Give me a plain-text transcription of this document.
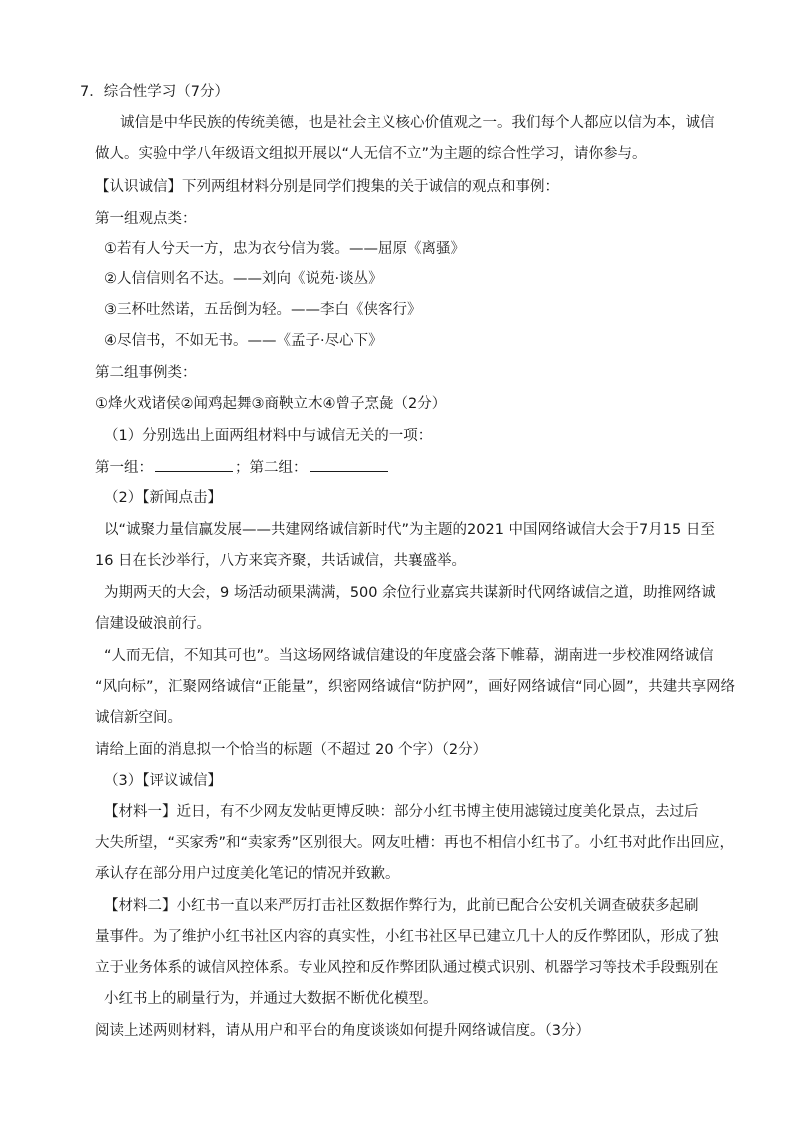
7．综合性学习（7分）
诚信是中华民族的传统美德，也是社会主义核心价值观之一。我们每个人都应以信为本，诚信
做人。实验中学八年级语文组拟开展以“人无信不立”为主题的综合性学习，请你参与。
【认识诚信】下列两组材料分别是同学们搜集的关于诚信的观点和事例：
第一组观点类：
①若有人兮天一方，忠为衣兮信为裳。——屈原《离骚》
②人信信则名不达。——刘向《说苑·谈丛》
③三杯吐然诺，五岳倒为轻。——李白《侠客行》
④尽信书，不如无书。——《孟子·尽心下》
第二组事例类：
①烽火戏诸侯②闻鸡起舞③商鞅立木④曾子烹彘（2分）
（1）分别选出上面两组材料中与诚信无关的一项：
第一组：	；第二组：
（2）【新闻点击】
以“诚聚力量信赢发展——共建网络诚信新时代”为主题的2021 中国网络诚信大会于7月15 日至
16 日在长沙举行，八方来宾齐聚，共话诚信，共襄盛举。
为期两天的大会，9 场活动硕果满满，500 余位行业嘉宾共谋新时代网络诚信之道，助推网络诚
信建设破浪前行。
“人而无信，不知其可也”。当这场网络诚信建设的年度盛会落下帷幕，湖南进一步校准网络诚信
“风向标”，汇聚网络诚信“正能量”，织密网络诚信“防护网”，画好网络诚信“同心圆”，共建共享网络
诚信新空间。
请给上面的消息拟一个恰当的标题（不超过 20 个字）（2分）
（3）【评议诚信】
【材料一】近日，有不少网友发帖更博反映：部分小红书博主使用滤镜过度美化景点，去过后
大失所望，“买家秀”和“卖家秀”区别很大。网友吐槽：再也不相信小红书了。小红书对此作出回应，
承认存在部分用户过度美化笔记的情况并致歉。
【材料二】小红书一直以来严厉打击社区数据作弊行为，此前已配合公安机关调查破获多起刷
量事件。为了维护小红书社区内容的真实性，小红书社区早已建立几十人的反作弊团队，形成了独
立于业务体系的诚信风控体系。专业风控和反作弊团队通过模式识别、机器学习等技术手段甄别在
小红书上的刷量行为，并通过大数据不断优化模型。
阅读上述两则材料，请从用户和平台的角度谈谈如何提升网络诚信度。（3分）
